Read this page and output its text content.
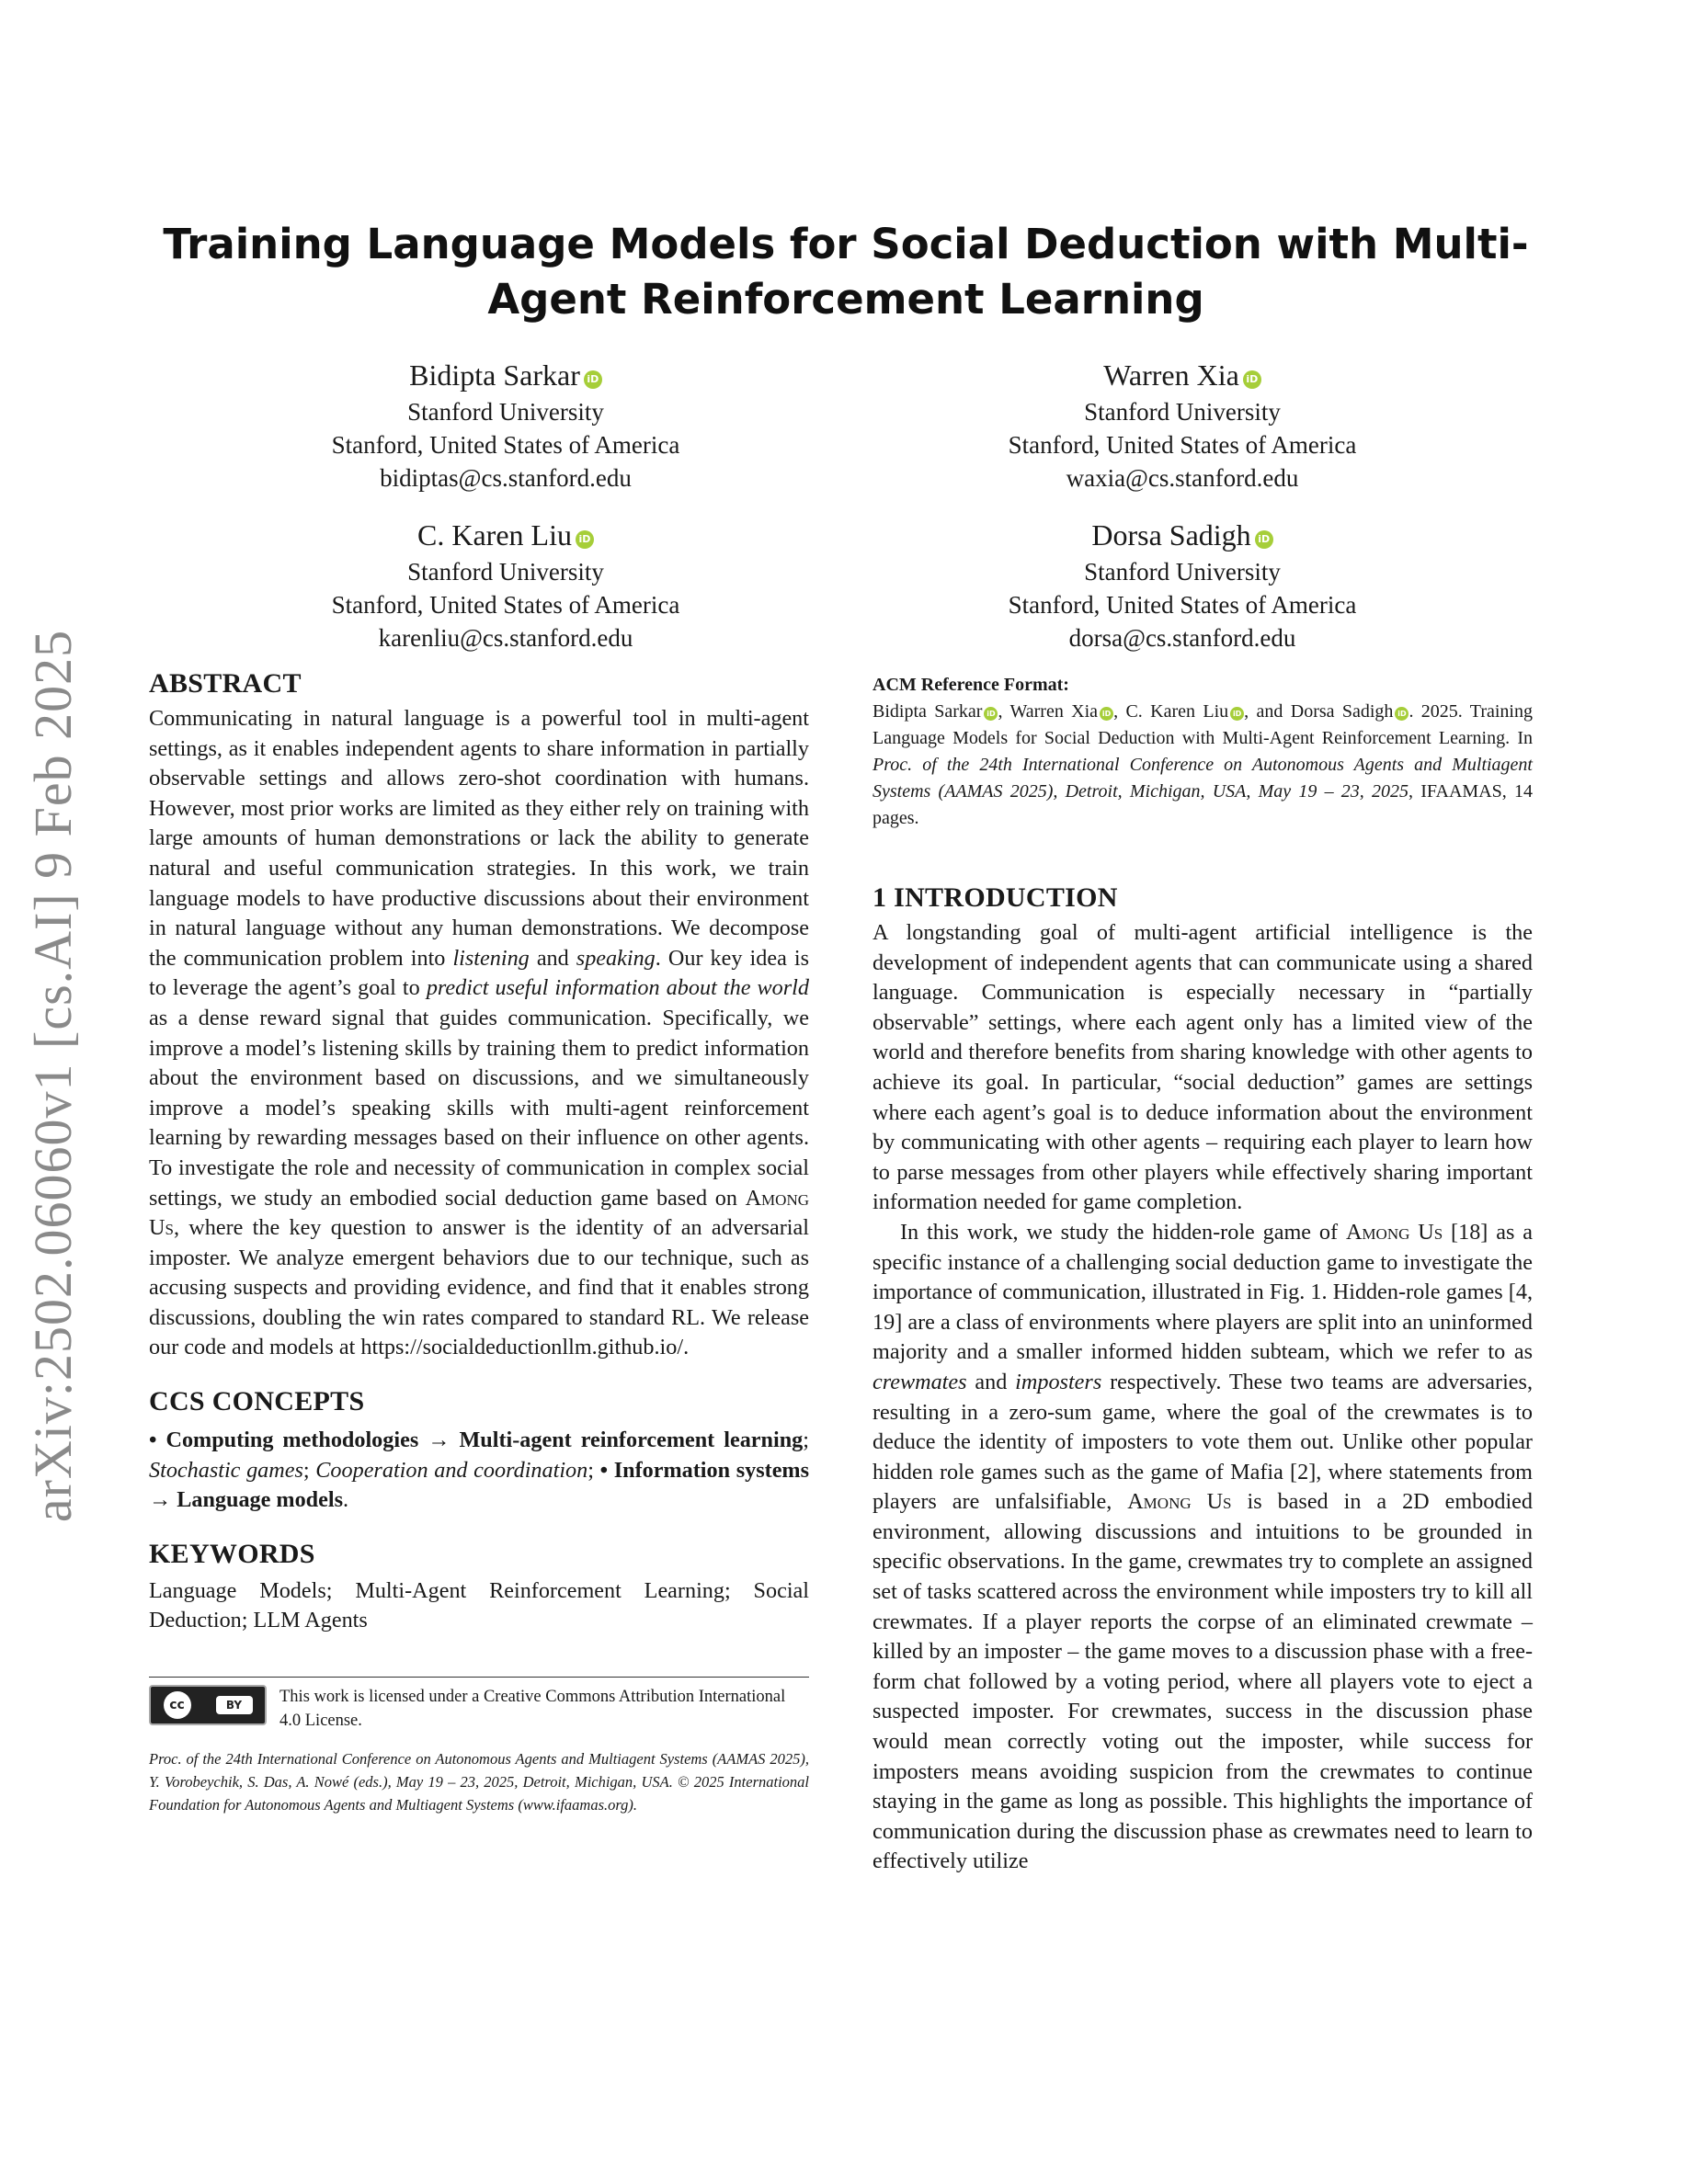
arXiv:2502.06060v1 [cs.AI] 9 Feb 2025
Training Language Models for Social Deduction with Multi-Agent Reinforcement Learning
Bidipta Sarkar iD
Stanford University
Stanford, United States of America
bidiptas@cs.stanford.edu
Warren Xia iD
Stanford University
Stanford, United States of America
waxia@cs.stanford.edu
C. Karen Liu iD
Stanford University
Stanford, United States of America
karenliu@cs.stanford.edu
Dorsa Sadigh iD
Stanford University
Stanford, United States of America
dorsa@cs.stanford.edu
ABSTRACT

Communicating in natural language is a powerful tool in multi-agent settings, as it enables independent agents to share information in partially observable settings and allows zero-shot coordination with humans. However, most prior works are limited as they either rely on training with large amounts of human demonstrations or lack the ability to generate natural and useful communication strategies. In this work, we train language models to have productive discussions about their environment in natural language without any human demonstrations. We decompose the communication problem into listening and speaking. Our key idea is to leverage the agent’s goal to predict useful information about the world as a dense reward signal that guides communication. Specifically, we improve a model’s listening skills by training them to predict information about the environment based on discussions, and we simultaneously improve a model’s speaking skills with multi-agent reinforcement learning by rewarding messages based on their influence on other agents. To investigate the role and necessity of communication in complex social settings, we study an embodied social deduction game based on Among Us, where the key question to answer is the identity of an adversarial imposter. We analyze emergent behaviors due to our technique, such as accusing suspects and providing evidence, and find that it enables strong discussions, doubling the win rates compared to standard RL. We release our code and models at https://socialdeductionllm.github.io/.

CCS CONCEPTS

• Computing methodologies → Multi-agent reinforcement learning; Stochastic games; Cooperation and coordination; • Information systems → Language models.

KEYWORDS

Language Models; Multi-Agent Reinforcement Learning; Social Deduction; LLM Agents

cc	BY	This work is licensed under a Creative Commons Attribution International 4.0 License.

Proc. of the 24th International Conference on Autonomous Agents and Multiagent Systems (AAMAS 2025), Y. Vorobeychik, S. Das, A. Nowé (eds.), May 19 – 23, 2025, Detroit, Michigan, USA. © 2025 International Foundation for Autonomous Agents and Multiagent Systems (www.ifaamas.org).

ACM Reference Format:
Bidipta Sarkar iD , Warren Xia iD , C. Karen Liu iD , and Dorsa Sadigh iD . 2025. Training Language Models for Social Deduction with Multi-Agent Reinforcement Learning. In Proc. of the 24th International Conference on Autonomous Agents and Multiagent Systems (AAMAS 2025), Detroit, Michigan, USA, May 19 – 23, 2025, IFAAMAS, 14 pages.
1 INTRODUCTION

A longstanding goal of multi-agent artificial intelligence is the development of independent agents that can communicate using a shared language. Communication is especially necessary in “partially observable” settings, where each agent only has a limited view of the world and therefore benefits from sharing knowledge with other agents to achieve its goal. In particular, “social deduction” games are settings where each agent’s goal is to deduce information about the environment by communicating with other agents – requiring each player to learn how to parse messages from other players while effectively sharing important information needed for game completion.

In this work, we study the hidden-role game of Among Us [18] as a specific instance of a challenging social deduction game to investigate the importance of communication, illustrated in Fig. 1. Hidden-role games [4, 19] are a class of environments where players are split into an uninformed majority and a smaller informed hidden subteam, which we refer to as crewmates and imposters respectively. These two teams are adversaries, resulting in a zero-sum game, where the goal of the crewmates is to deduce the identity of imposters to vote them out. Unlike other popular hidden role games such as the game of Mafia [2], where statements from players are unfalsifiable, Among Us is based in a 2D embodied environment, allowing discussions and intuitions to be grounded in specific observations. In the game, crewmates try to complete an assigned set of tasks scattered across the environment while imposters try to kill all crewmates. If a player reports the corpse of an eliminated crewmate – killed by an imposter – the game moves to a discussion phase with a free-form chat followed by a voting period, where all players vote to eject a suspected imposter. For crewmates, success in the discussion phase would mean correctly voting out the imposter, while success for imposters means avoiding suspicion from the crewmates to continue staying in the game as long as possible. This highlights the importance of communication during the discussion phase as crewmates need to learn to effectively utilize
